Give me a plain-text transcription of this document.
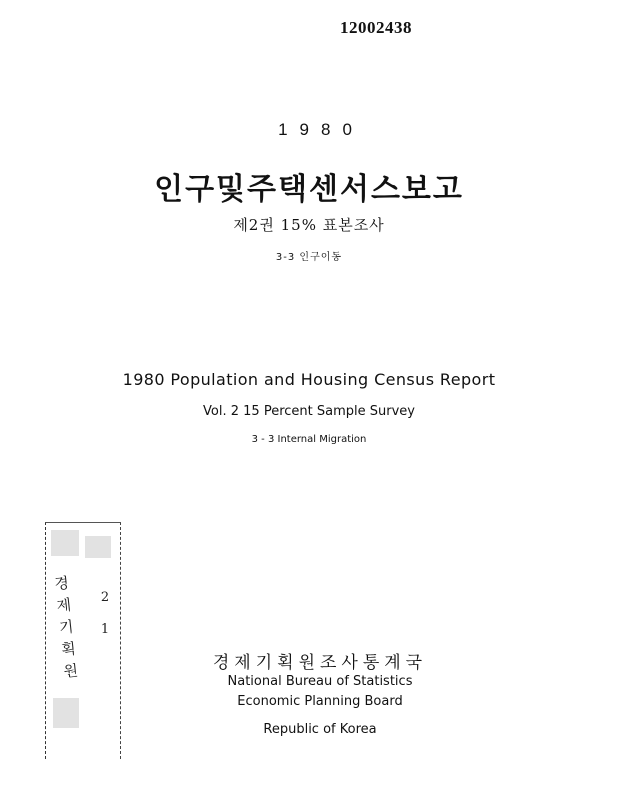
12002438
1980
인구및주택센서스보고
제2권 15% 표본조사
3-3 인구이동
1980 Population and Housing Census Report
Vol. 2 15 Percent Sample Survey
3 - 3 Internal Migration
경제기획원
2
1
경제기획원조사통계국
National Bureau of Statistics
Economic Planning Board
Republic of Korea
